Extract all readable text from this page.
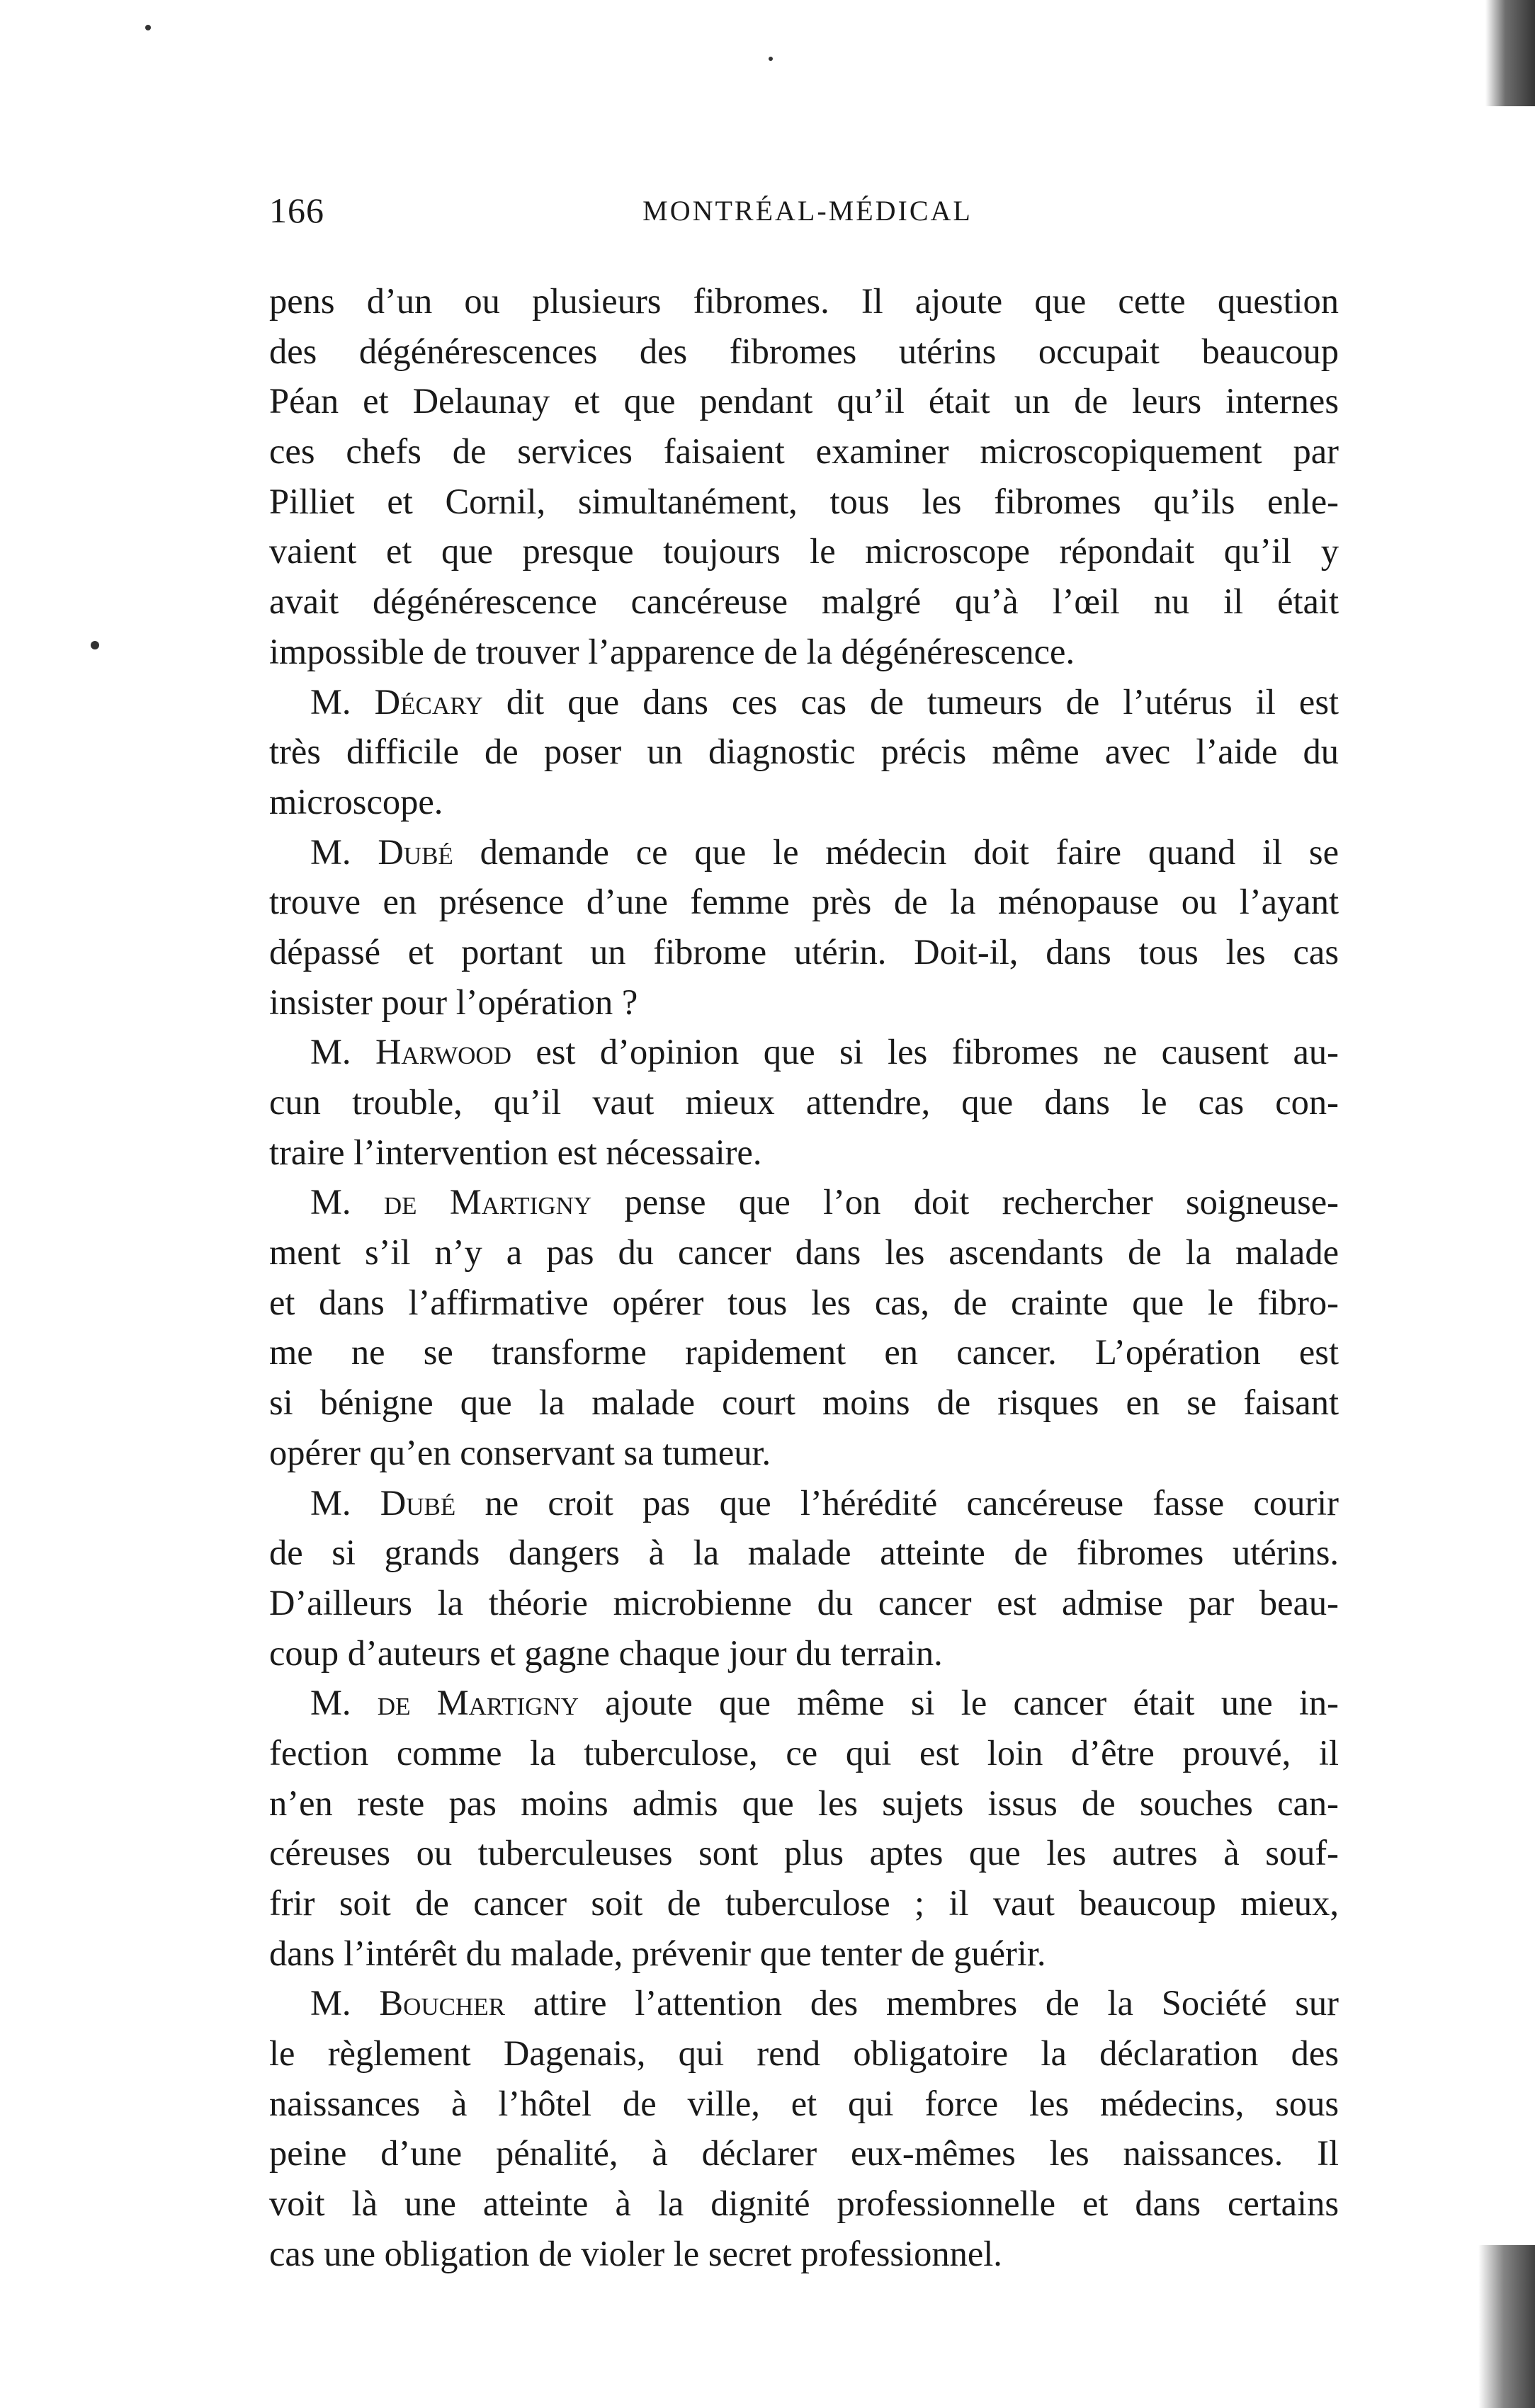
166	MONTRÉAL-MÉDICAL
pens d’un ou plusieurs fibromes. Il ajoute que cette question
des dégénérescences des fibromes utérins occupait beaucoup
Péan et Delaunay et que pendant qu’il était un de leurs internes
ces chefs de services faisaient examiner microscopiquement par
Pilliet et Cornil, simultanément, tous les fibromes qu’ils enle-
vaient et que presque toujours le microscope répondait qu’il y
avait dégénérescence cancéreuse malgré qu’à l’œil nu il était
impossible de trouver l’apparence de la dégénérescence.
M. Décary dit que dans ces cas de tumeurs de l’utérus il est
très difficile de poser un diagnostic précis même avec l’aide du
microscope.
M. Dubé demande ce que le médecin doit faire quand il se
trouve en présence d’une femme près de la ménopause ou l’ayant
dépassé et portant un fibrome utérin. Doit-il, dans tous les cas
insister pour l’opération ?
M. Harwood est d’opinion que si les fibromes ne causent au-
cun trouble, qu’il vaut mieux attendre, que dans le cas con-
traire l’intervention est nécessaire.
M. de Martigny pense que l’on doit rechercher soigneuse-
ment s’il n’y a pas du cancer dans les ascendants de la malade
et dans l’affirmative opérer tous les cas, de crainte que le fibro-
me ne se transforme rapidement en cancer. L’opération est
si bénigne que la malade court moins de risques en se faisant
opérer qu’en conservant sa tumeur.
M. Dubé ne croit pas que l’hérédité cancéreuse fasse courir
de si grands dangers à la malade atteinte de fibromes utérins.
D’ailleurs la théorie microbienne du cancer est admise par beau-
coup d’auteurs et gagne chaque jour du terrain.
M. de Martigny ajoute que même si le cancer était une in-
fection comme la tuberculose, ce qui est loin d’être prouvé, il
n’en reste pas moins admis que les sujets issus de souches can-
céreuses ou tuberculeuses sont plus aptes que les autres à souf-
frir soit de cancer soit de tuberculose ; il vaut beaucoup mieux,
dans l’intérêt du malade, prévenir que tenter de guérir.
M. Boucher attire l’attention des membres de la Société sur
le règlement Dagenais, qui rend obligatoire la déclaration des
naissances à l’hôtel de ville, et qui force les médecins, sous
peine d’une pénalité, à déclarer eux-mêmes les naissances. Il
voit là une atteinte à la dignité professionnelle et dans certains
cas une obligation de violer le secret professionnel.
